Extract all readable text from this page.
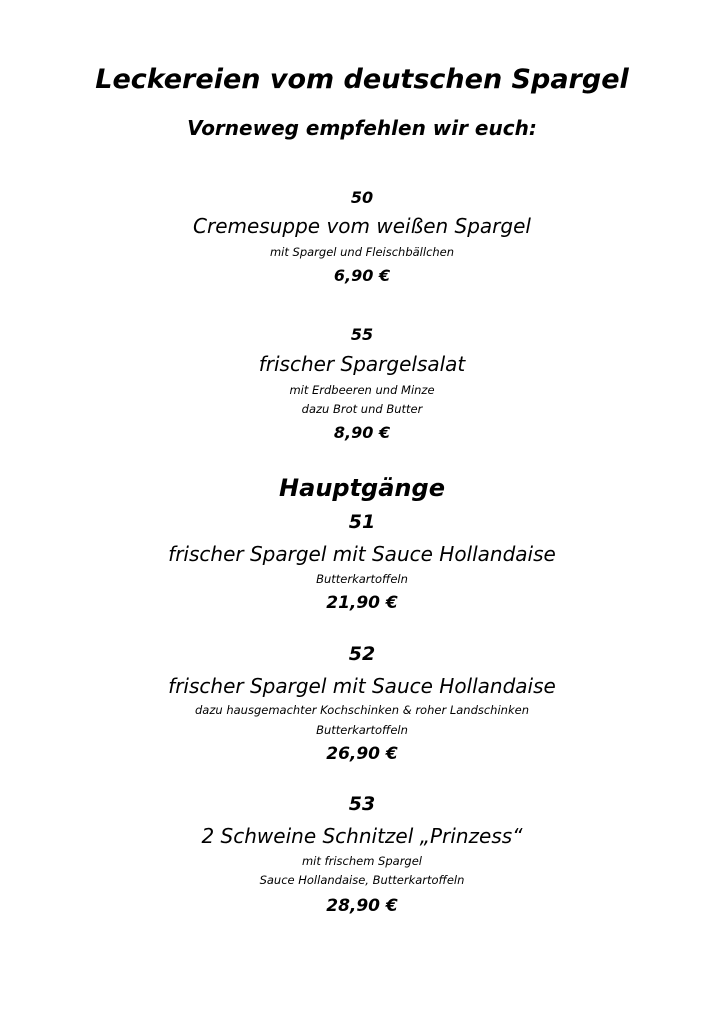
Leckereien vom deutschen Spargel
Vorneweg empfehlen wir euch:
50
Cremesuppe vom weißen Spargel
mit Spargel und Fleischbällchen
6,90 €
55
frischer Spargelsalat
mit Erdbeeren und Minze
dazu Brot und Butter
8,90 €
Hauptgänge
51
frischer Spargel mit Sauce Hollandaise
Butterkartoffeln
21,90 €
52
frischer Spargel mit Sauce Hollandaise
dazu hausgemachter Kochschinken & roher Landschinken
Butterkartoffeln
26,90 €
53
2 Schweine Schnitzel „Prinzess“
mit frischem Spargel
Sauce Hollandaise, Butterkartoffeln
28,90 €
